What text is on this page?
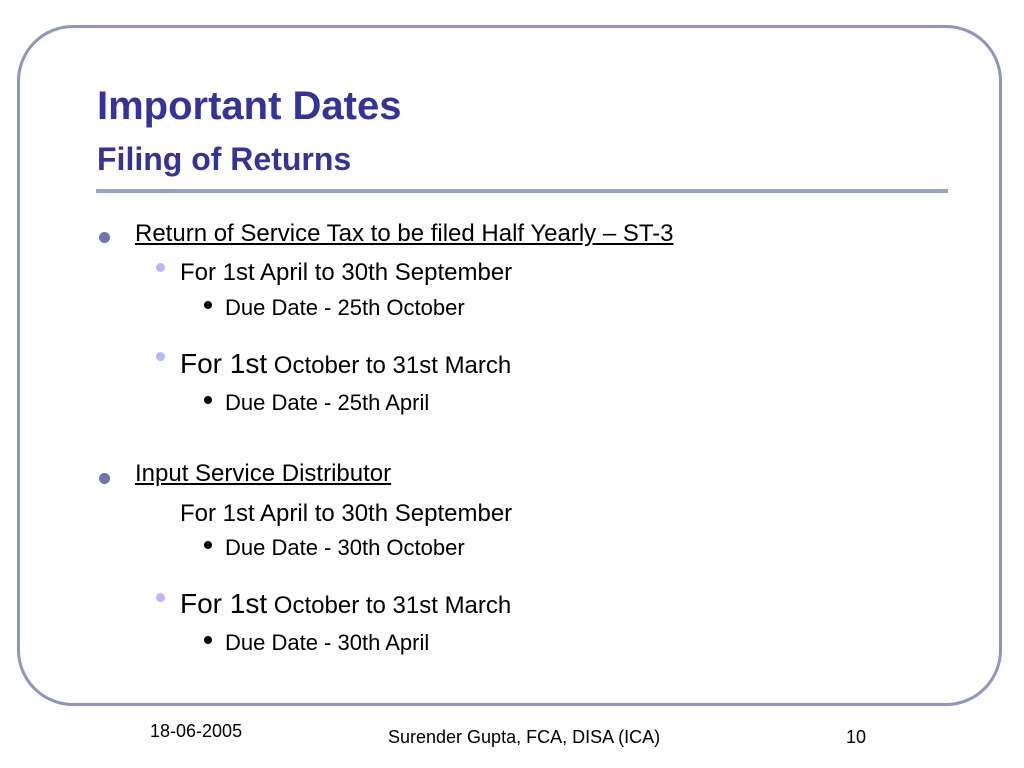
Important Dates
Filing of Returns
Return of Service Tax to be filed Half Yearly – ST-3
For 1st April to 30th September
Due Date - 25th October
For 1st October to 31st March
Due Date - 25th April
Input Service Distributor
For 1st April to 30th September
Due Date - 30th October
For 1st October to 31st March
Due Date - 30th April
18-06-2005	Surender Gupta, FCA, DISA (ICA)	10
